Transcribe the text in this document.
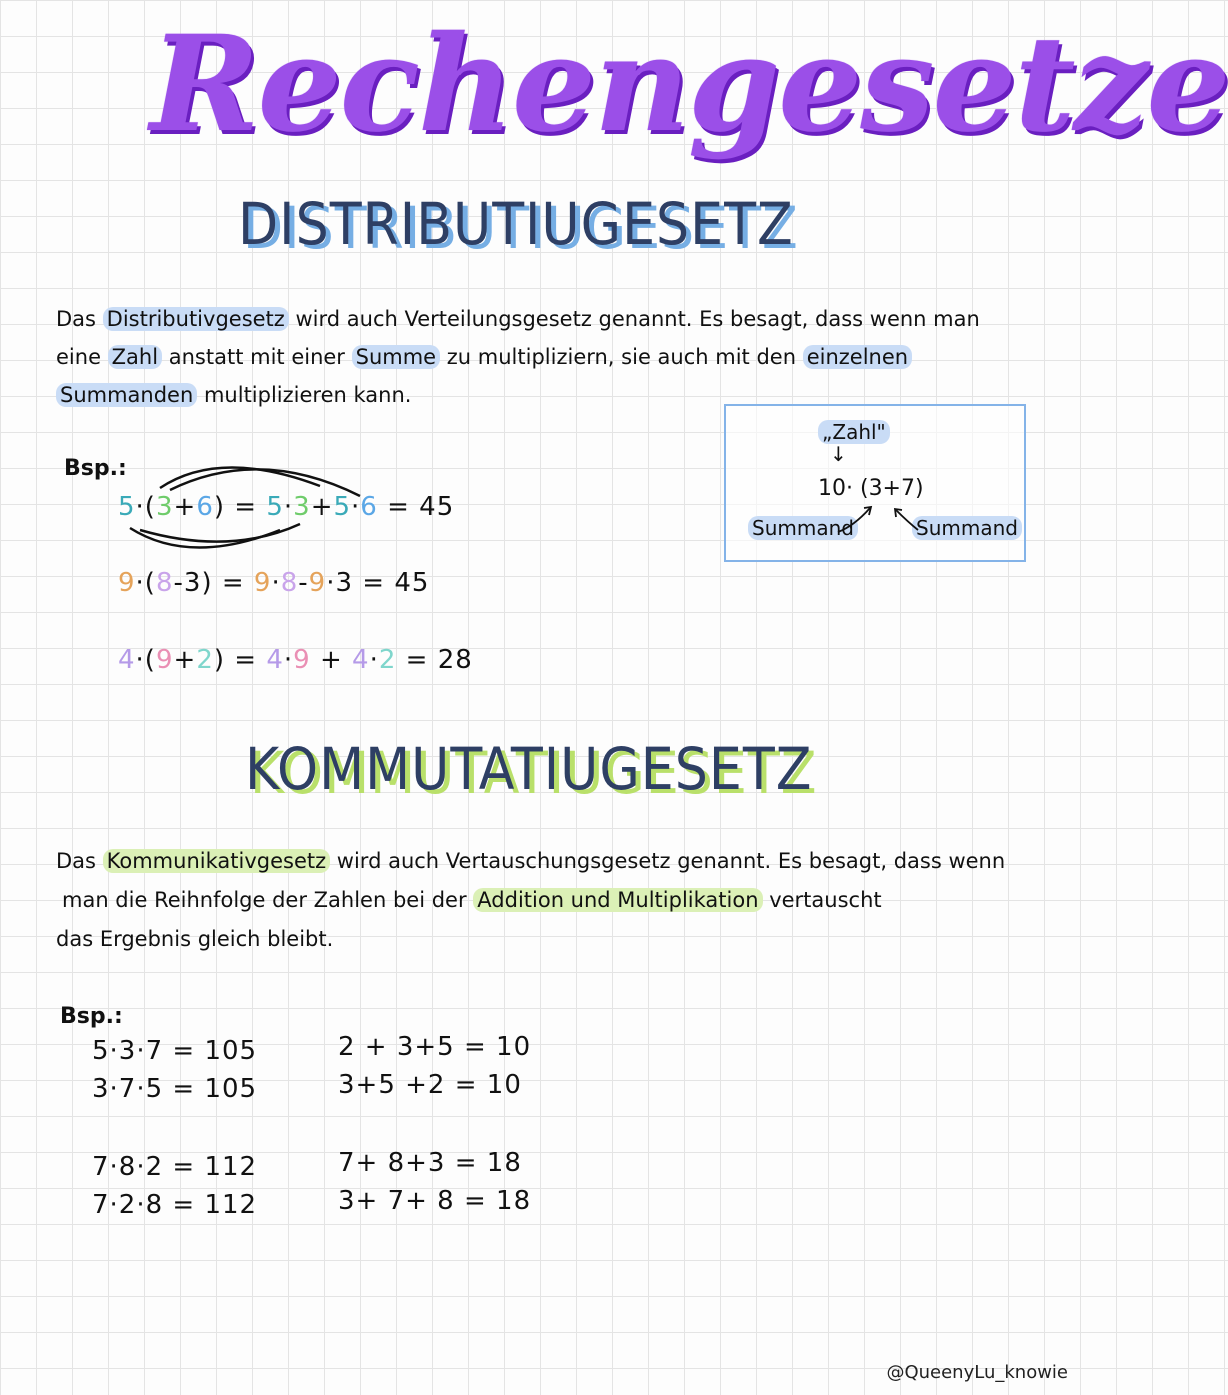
Rechengesetze
DISTRIBUTIUGESETZ
Das Distributivgesetz wird auch Verteilungsgesetz genannt. Es besagt, dass wenn man
eine Zahl anstatt mit einer Summe zu multipliziern, sie auch mit den einzelnen
Summanden multiplizieren kann.
Bsp.:
5·(3+6) = 5·3+5·6 = 45
9·(8-3) = 9·8-9·3 = 45
4·(9+2) = 4·9 + 4·2 = 28
„Zahl"
↓
10· (3+7)
Summand	Summand
KOMMUTATIUGESETZ
Das Kommunikativgesetz wird auch Vertauschungsgesetz genannt. Es besagt, dass wenn
man die Reihnfolge der Zahlen bei der Addition und Multiplikation vertauscht
das Ergebnis gleich bleibt.
Bsp.:
5·3·7 = 105
3·7·5 = 105
7·8·2 = 112
7·2·8 = 112
2 + 3+5 = 10
3+5 +2 = 10
7+ 8+3 = 18
3+ 7+ 8 = 18
@QueenyLu_knowie
